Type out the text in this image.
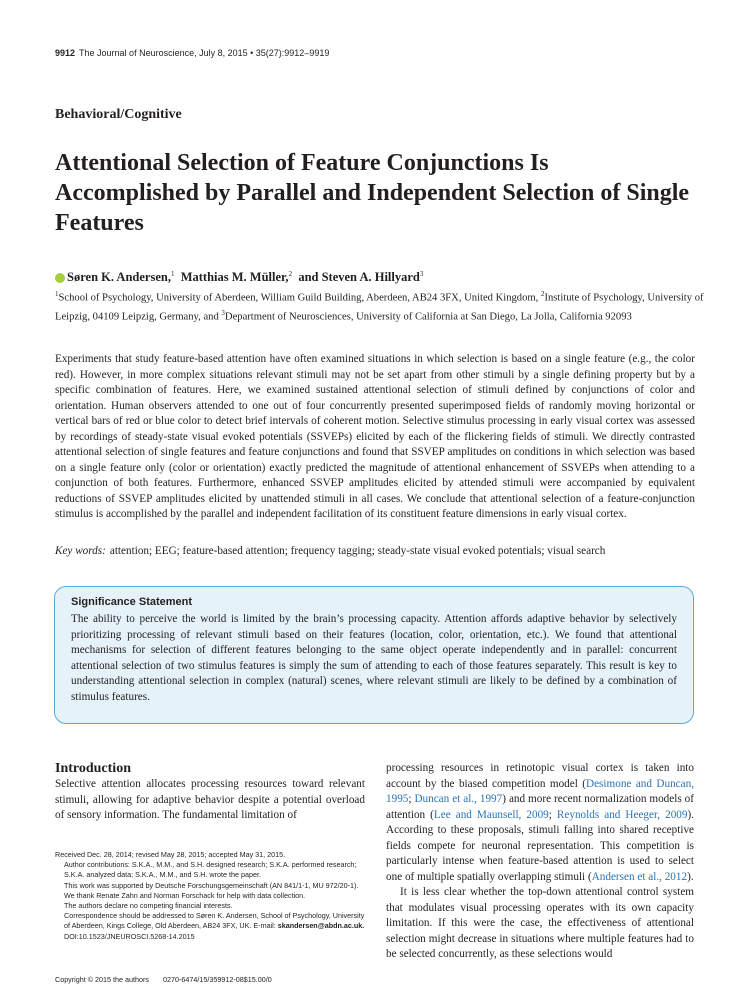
9912 The Journal of Neuroscience, July 8, 2015 • 35(27):9912–9919
Behavioral/Cognitive
Attentional Selection of Feature Conjunctions Is Accomplished by Parallel and Independent Selection of Single Features
Søren K. Andersen,$^1$
Matthias M. Müller,$^2$
and Steven A. Hillyard$^3$
$^1$School of Psychology, University of Aberdeen, William Guild Building, Aberdeen, AB24 3FX, United Kingdom, $^2$Institute of Psychology, University of Leipzig, 04109 Leipzig, Germany, and $^3$Department of Neurosciences, University of California at San Diego, La Jolla, California 92093

Experiments that study feature-based attention have often examined situations in which selection is based on a single feature (e.g., the color red). However, in more complex situations relevant stimuli may not be set apart from other stimuli by a single defining property but by a specific combination of features. Here, we examined sustained attentional selection of stimuli defined by conjunctions of color and orientation. Human observers attended to one out of four concurrently presented superimposed fields of randomly moving horizontal or vertical bars of red or blue color to detect brief intervals of coherent motion. Selective stimulus processing in early visual cortex was assessed by recordings of steady-state visual evoked potentials (SSVEPs) elicited by each of the flickering fields of stimuli. We directly contrasted attentional selection of single features and feature conjunctions and found that SSVEP amplitudes on conditions in which selection was based on a single feature only (color or orientation) exactly predicted the magnitude of attentional enhancement of SSVEPs when attending to a conjunction of both features. Furthermore, enhanced SSVEP amplitudes elicited by attended stimuli were accompanied by equivalent reductions of SSVEP amplitudes elicited by unattended stimuli in all cases. We conclude that attentional selection of a feature-conjunction stimulus is accomplished by the parallel and independent facilitation of its constituent feature dimensions in early visual cortex.

Key words: attention; EEG; feature-based attention; frequency tagging; steady-state visual evoked potentials; visual search
Significance Statement

The ability to perceive the world is limited by the brain’s processing capacity. Attention affords adaptive behavior by selectively prioritizing processing of relevant stimuli based on their features (location, color, orientation, etc.). We found that attentional mechanisms for selection of different features belonging to the same object operate independently and in parallel: concurrent attentional selection of two stimulus features is simply the sum of attending to each of those features separately. This result is key to understanding attentional selection in complex (natural) scenes, where relevant stimuli are likely to be defined by a combination of stimulus features.

Introduction

Selective attention allocates processing resources toward relevant stimuli, allowing for adaptive behavior despite a potential overload of sensory information. The fundamental limitation of

processing resources in retinotopic visual cortex is taken into account by the biased competition model (Desimone and Duncan, 1995; Duncan et al., 1997) and more recent normalization models of attention (Lee and Maunsell, 2009; Reynolds and Heeger, 2009). According to these proposals, stimuli falling into shared receptive fields compete for neuronal representation. This competition is particularly intense when feature-based attention is used to select one of multiple spatially overlapping stimuli (Andersen et al., 2012).

It is less clear whether the top-down attentional control system that modulates visual processing operates with its own capacity limitation. If this were the case, the effectiveness of attentional selection might decrease in situations where multiple features had to be selected concurrently, as these selections would

Received Dec. 28, 2014; revised May 28, 2015; accepted May 31, 2015.
Author contributions: S.K.A., M.M., and S.H. designed research; S.K.A. performed research; S.K.A. analyzed data; S.K.A., M.M., and S.H. wrote the paper.
This work was supported by Deutsche Forschungsgemeinschaft (AN 841/1-1, MU 972/20-1). We thank Renate Zahn and Norman Forschack for help with data collection.
The authors declare no competing financial interests.
Correspondence should be addressed to Søren K. Andersen, School of Psychology, University of Aberdeen, Kings College, Old Aberdeen, AB24 3FX, UK. E-mail: skandersen@abdn.ac.uk.
DOI:10.1523/JNEUROSCI.5268-14.2015
Copyright © 2015 the authors 0270-6474/15/359912-08$15.00/0
